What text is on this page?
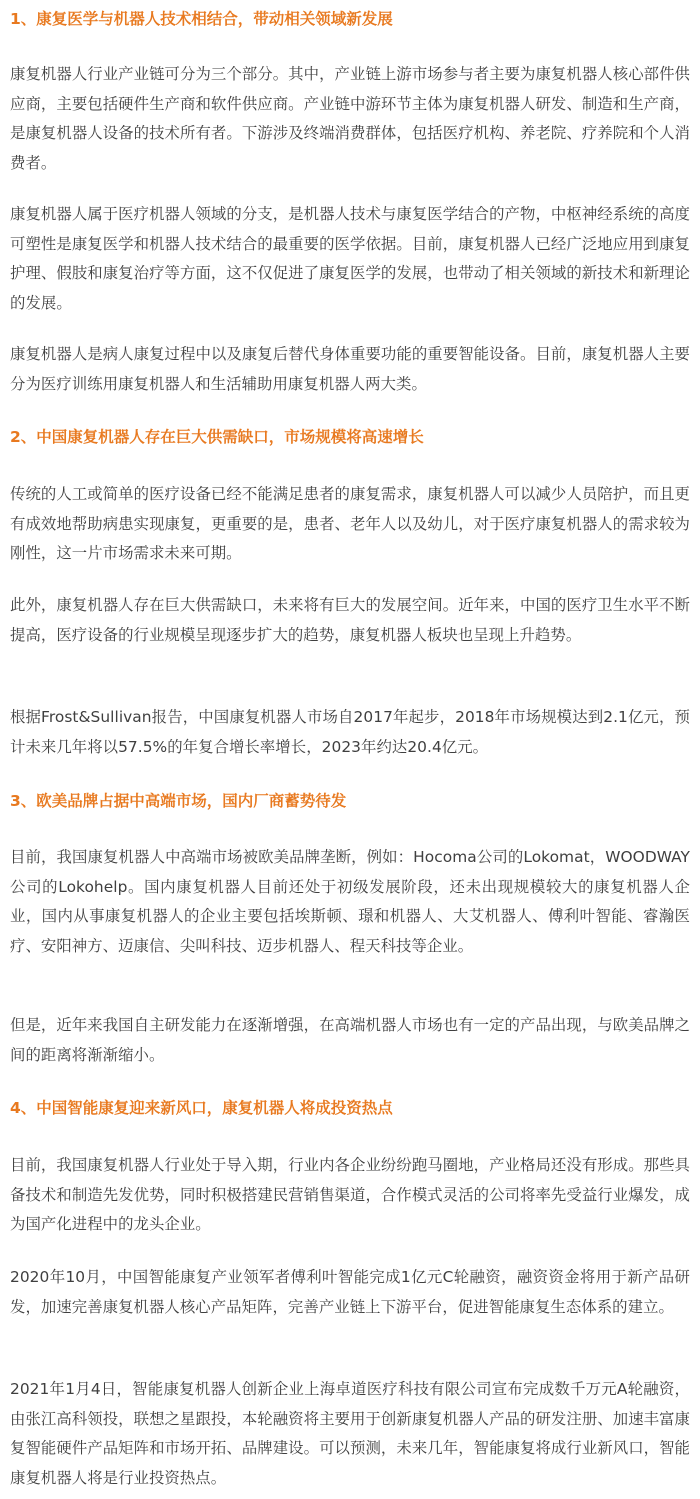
1、康复医学与机器人技术相结合，带动相关领域新发展

康复机器人行业产业链可分为三个部分。其中，产业链上游市场参与者主要为康复机器人核心部件供应商，主要包括硬件生产商和软件供应商。产业链中游环节主体为康复机器人研发、制造和生产商，是康复机器人设备的技术所有者。下游涉及终端消费群体，包括医疗机构、养老院、疗养院和个人消费者。

康复机器人属于医疗机器人领域的分支，是机器人技术与康复医学结合的产物，中枢神经系统的高度可塑性是康复医学和机器人技术结合的最重要的医学依据。目前，康复机器人已经广泛地应用到康复护理、假肢和康复治疗等方面，这不仅促进了康复医学的发展，也带动了相关领域的新技术和新理论的发展。

康复机器人是病人康复过程中以及康复后替代身体重要功能的重要智能设备。目前，康复机器人主要分为医疗训练用康复机器人和生活辅助用康复机器人两大类。

2、中国康复机器人存在巨大供需缺口，市场规模将高速增长

传统的人工或简单的医疗设备已经不能满足患者的康复需求，康复机器人可以减少人员陪护，而且更有成效地帮助病患实现康复，更重要的是，患者、老年人以及幼儿，对于医疗康复机器人的需求较为刚性，这一片市场需求未来可期。

此外，康复机器人存在巨大供需缺口，未来将有巨大的发展空间。近年来，中国的医疗卫生水平不断提高，医疗设备的行业规模呈现逐步扩大的趋势，康复机器人板块也呈现上升趋势。

根据Frost&Sullivan报告，中国康复机器人市场自2017年起步，2018年市场规模达到2.1亿元，预计未来几年将以57.5%的年复合增长率增长，2023年约达20.4亿元。

3、欧美品牌占据中高端市场，国内厂商蓄势待发

目前，我国康复机器人中高端市场被欧美品牌垄断，例如：Hocoma公司的Lokomat，WOODWAY公司的Lokohelp。国内康复机器人目前还处于初级发展阶段，还未出现规模较大的康复机器人企业，国内从事康复机器人的企业主要包括埃斯顿、璟和机器人、大艾机器人、傅利叶智能、睿瀚医疗、安阳神方、迈康信、尖叫科技、迈步机器人、程天科技等企业。

但是，近年来我国自主研发能力在逐渐增强，在高端机器人市场也有一定的产品出现，与欧美品牌之间的距离将渐渐缩小。

4、中国智能康复迎来新风口，康复机器人将成投资热点

目前，我国康复机器人行业处于导入期，行业内各企业纷纷跑马圈地，产业格局还没有形成。那些具备技术和制造先发优势，同时积极搭建民营销售渠道，合作模式灵活的公司将率先受益行业爆发，成为国产化进程中的龙头企业。

2020年10月，中国智能康复产业领军者傅利叶智能完成1亿元C轮融资，融资资金将用于新产品研发，加速完善康复机器人核心产品矩阵，完善产业链上下游平台，促进智能康复生态体系的建立。

2021年1月4日，智能康复机器人创新企业上海卓道医疗科技有限公司宣布完成数千万元A轮融资，由张江高科领投，联想之星跟投，本轮融资将主要用于创新康复机器人产品的研发注册、加速丰富康复智能硬件产品矩阵和市场开拓、品牌建设。可以预测，未来几年，智能康复将成行业新风口，智能康复机器人将是行业投资热点。
